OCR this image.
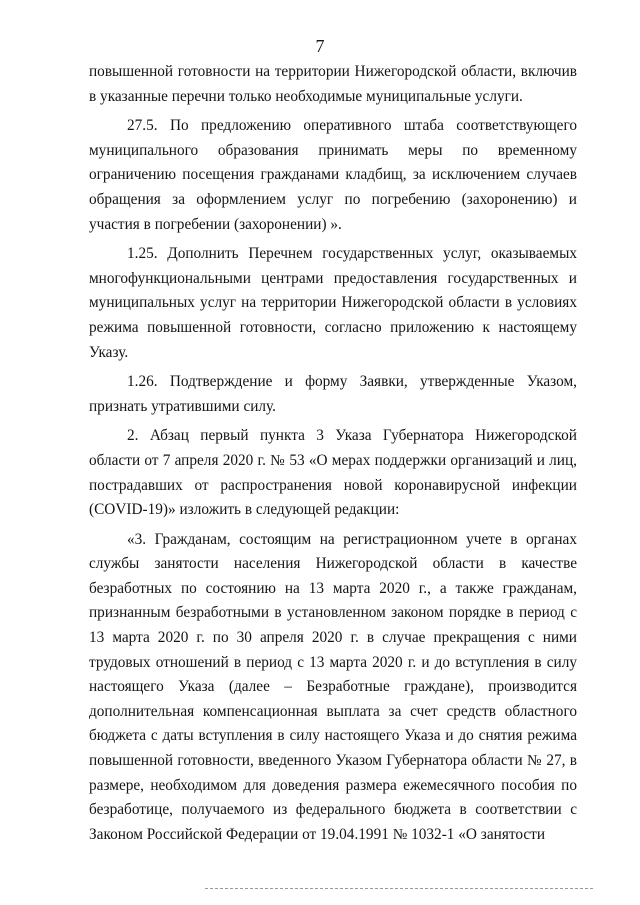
7

повышенной готовности на территории Нижегородской области, включив в указанные перечни только необходимые муниципальные услуги.

27.5. По предложению оперативного штаба соответствующего муниципального образования принимать меры по временному ограничению посещения гражданами кладбищ, за исключением случаев обращения за оформлением услуг по погребению (захоронению) и участия в погребении (захоронении) ».

1.25. Дополнить Перечнем государственных услуг, оказываемых многофункциональными центрами предоставления государственных и муниципальных услуг на территории Нижегородской области в условиях режима повышенной готовности, согласно приложению к настоящему Указу.

1.26. Подтверждение и форму Заявки, утвержденные Указом, признать утратившими силу.

2. Абзац первый пункта 3 Указа Губернатора Нижегородской области от 7 апреля 2020 г. № 53 «О мерах поддержки организаций и лиц, пострадавших от распространения новой коронавирусной инфекции (COVID-19)» изложить в следующей редакции:

«3. Гражданам, состоящим на регистрационном учете в органах службы занятости населения Нижегородской области в качестве безработных по состоянию на 13 марта 2020 г., а также гражданам, признанным безработными в установленном законом порядке в период с 13 марта 2020 г. по 30 апреля 2020 г. в случае прекращения с ними трудовых отношений в период с 13 марта 2020 г. и до вступления в силу настоящего Указа (далее – Безработные граждане), производится дополнительная компенсационная выплата за счет средств областного бюджета с даты вступления в силу настоящего Указа и до снятия режима повышенной готовности, введенного Указом Губернатора области № 27, в размере, необходимом для доведения размера ежемесячного пособия по безработице, получаемого из федерального бюджета в соответствии с Законом Российской Федерации от 19.04.1991 № 1032-1 «О занятости
